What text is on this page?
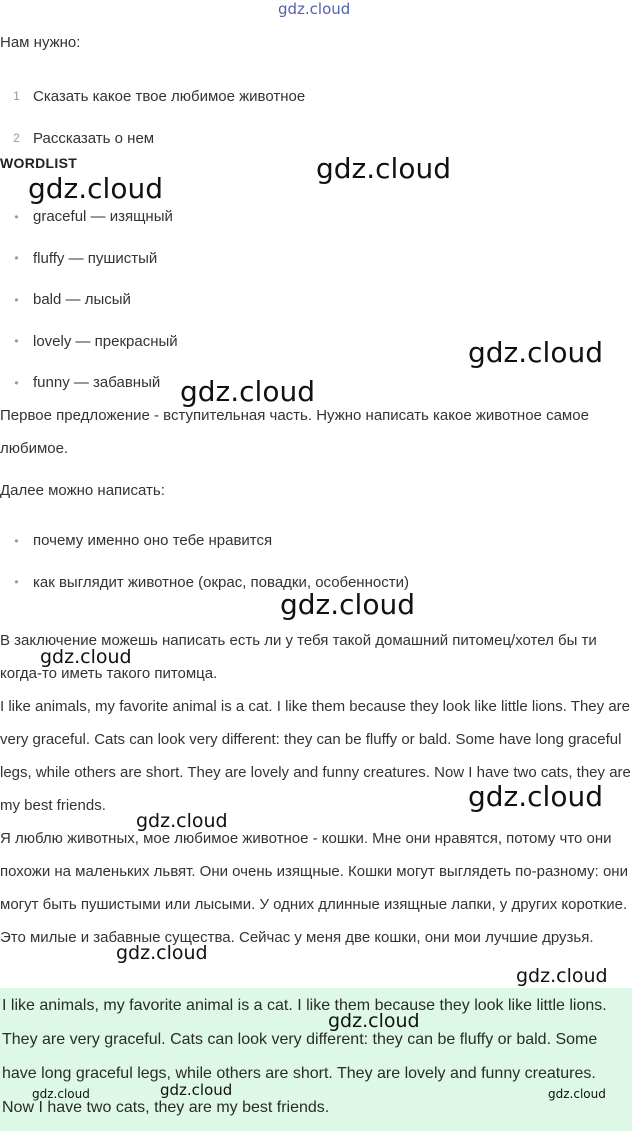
Нам нужно:
1 Сказать какое твое любимое животное
2 Рассказать о нем
WORDLIST
• graceful — изящный
• fluffy — пушистый
• bald — лысый
• lovely — прекрасный
• funny — забавный
Первое предложение - вступительная часть. Нужно написать какое животное самое любимое.
Далее можно написать:
• почему именно оно тебе нравится
• как выглядит животное (окрас, повадки, особенности)
В заключение можешь написать есть ли у тебя такой домашний питомец/хотел бы ти когда-то иметь такого питомца.
I like animals, my favorite animal is a cat. I like them because they look like little lions. They are very graceful. Cats can look very different: they can be fluffy or bald. Some have long graceful legs, while others are short. They are lovely and funny creatures. Now I have two cats, they are my best friends.
Я люблю животных, мое любимое животное - кошки. Мне они нравятся, потому что они похожи на маленьких львят. Они очень изящные. Кошки могут выглядеть по-разному: они могут быть пушистыми или лысыми. У одних длинные изящные лапки, у других короткие. Это милые и забавные существа. Сейчас у меня две кошки, они мои лучшие друзья.
I like animals, my favorite animal is a cat. I like them because they look like little lions. They are very graceful. Cats can look very different: they can be fluffy or bald. Some have long graceful legs, while others are short. They are lovely and funny creatures. Now I have two cats, they are my best friends.
gdz.cloud
gdz.cloud
gdz.cloud
gdz.cloud
gdz.cloud
gdz.cloud
gdz.cloud
gdz.cloud
gdz.cloud
gdz.cloud
gdz.cloud
gdz.cloud
gdz.cloud	gdz.cloud	gdz.cloud
